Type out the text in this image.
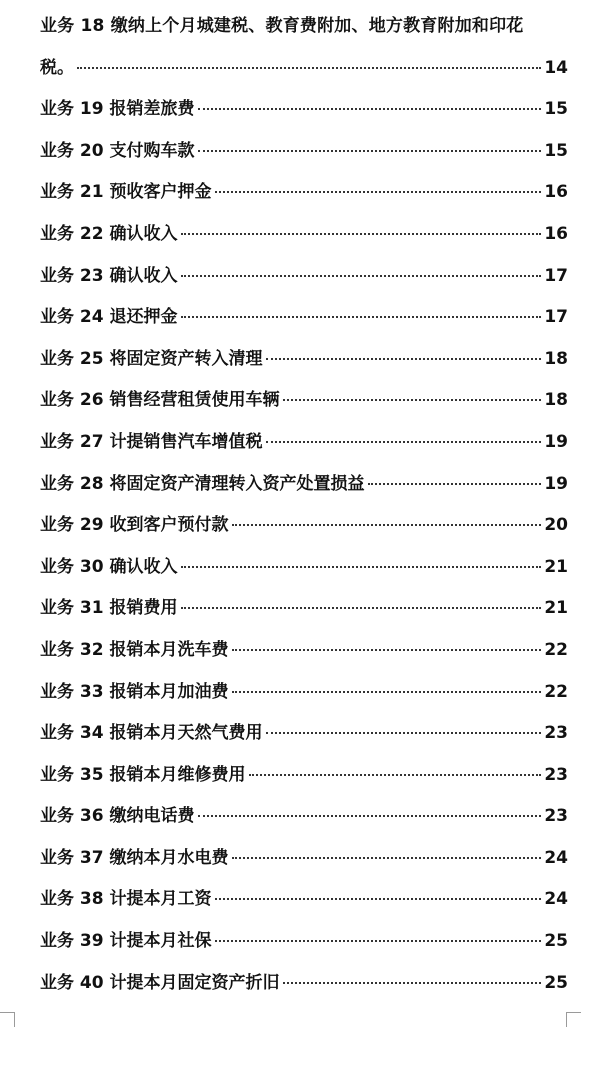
业务 18 缴纳上个月城建税、教育费附加、地方教育附加和印花
税。	14
业务 19 报销差旅费	15
业务 20 支付购车款	15
业务 21 预收客户押金	16
业务 22 确认收入	16
业务 23 确认收入	17
业务 24 退还押金	17
业务 25 将固定资产转入清理	18
业务 26 销售经营租赁使用车辆	18
业务 27 计提销售汽车增值税	19
业务 28 将固定资产清理转入资产处置损益	19
业务 29 收到客户预付款	20
业务 30 确认收入	21
业务 31 报销费用	21
业务 32 报销本月洗车费	22
业务 33 报销本月加油费	22
业务 34 报销本月天然气费用	23
业务 35 报销本月维修费用	23
业务 36 缴纳电话费	23
业务 37 缴纳本月水电费	24
业务 38 计提本月工资	24
业务 39 计提本月社保	25
业务 40 计提本月固定资产折旧	25
